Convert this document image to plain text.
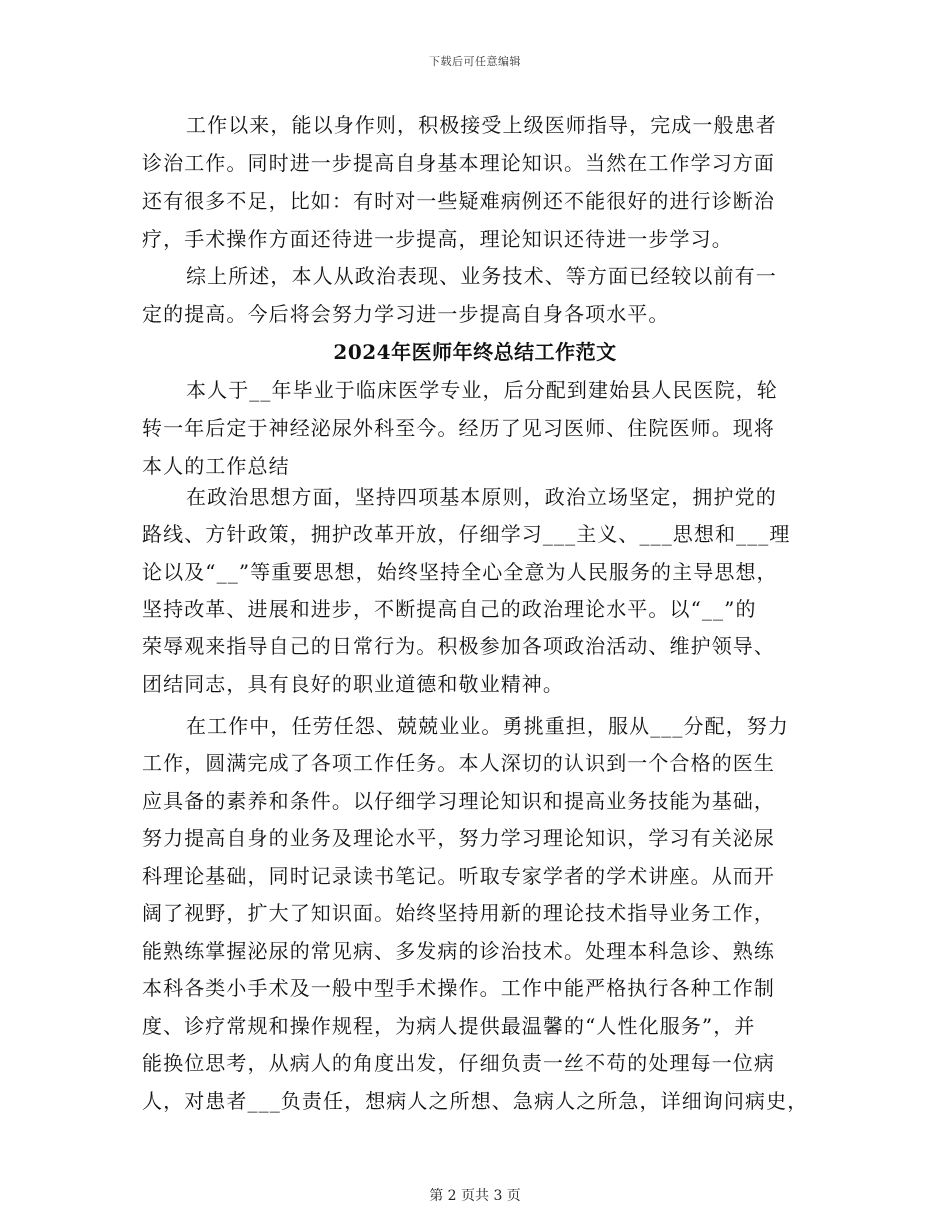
下载后可任意编辑
工作以来，能以身作则，积极接受上级医师指导，完成一般患者
诊治工作。同时进一步提高自身基本理论知识。当然在工作学习方面
还有很多不足，比如：有时对一些疑难病例还不能很好的进行诊断治
疗，手术操作方面还待进一步提高，理论知识还待进一步学习。
综上所述，本人从政治表现、业务技术、等方面已经较以前有一
定的提高。今后将会努力学习进一步提高自身各项水平。
2024年医师年终总结工作范文
本人于__年毕业于临床医学专业，后分配到建始县人民医院，轮
转一年后定于神经泌尿外科至今。经历了见习医师、住院医师。现将
本人的工作总结
在政治思想方面，坚持四项基本原则，政治立场坚定，拥护党的
路线、方针政策，拥护改革开放，仔细学习___主义、___思想和___理
论以及“__”等重要思想，始终坚持全心全意为人民服务的主导思想，
坚持改革、进展和进步，不断提高自己的政治理论水平。以“__”的
荣辱观来指导自己的日常行为。积极参加各项政治活动、维护领导、
团结同志，具有良好的职业道德和敬业精神。
在工作中，任劳任怨、兢兢业业。勇挑重担，服从___分配，努力
工作，圆满完成了各项工作任务。本人深切的认识到一个合格的医生
应具备的素养和条件。以仔细学习理论知识和提高业务技能为基础，
努力提高自身的业务及理论水平，努力学习理论知识，学习有关泌尿
科理论基础，同时记录读书笔记。听取专家学者的学术讲座。从而开
阔了视野，扩大了知识面。始终坚持用新的理论技术指导业务工作，
能熟练掌握泌尿的常见病、多发病的诊治技术。处理本科急诊、熟练
本科各类小手术及一般中型手术操作。工作中能严格执行各种工作制
度、诊疗常规和操作规程，为病人提供最温馨的“人性化服务”，并
能换位思考，从病人的角度出发，仔细负责一丝不苟的处理每一位病
人，对患者___负责任，想病人之所想、急病人之所急，详细询问病史，
第 2 页共 3 页
